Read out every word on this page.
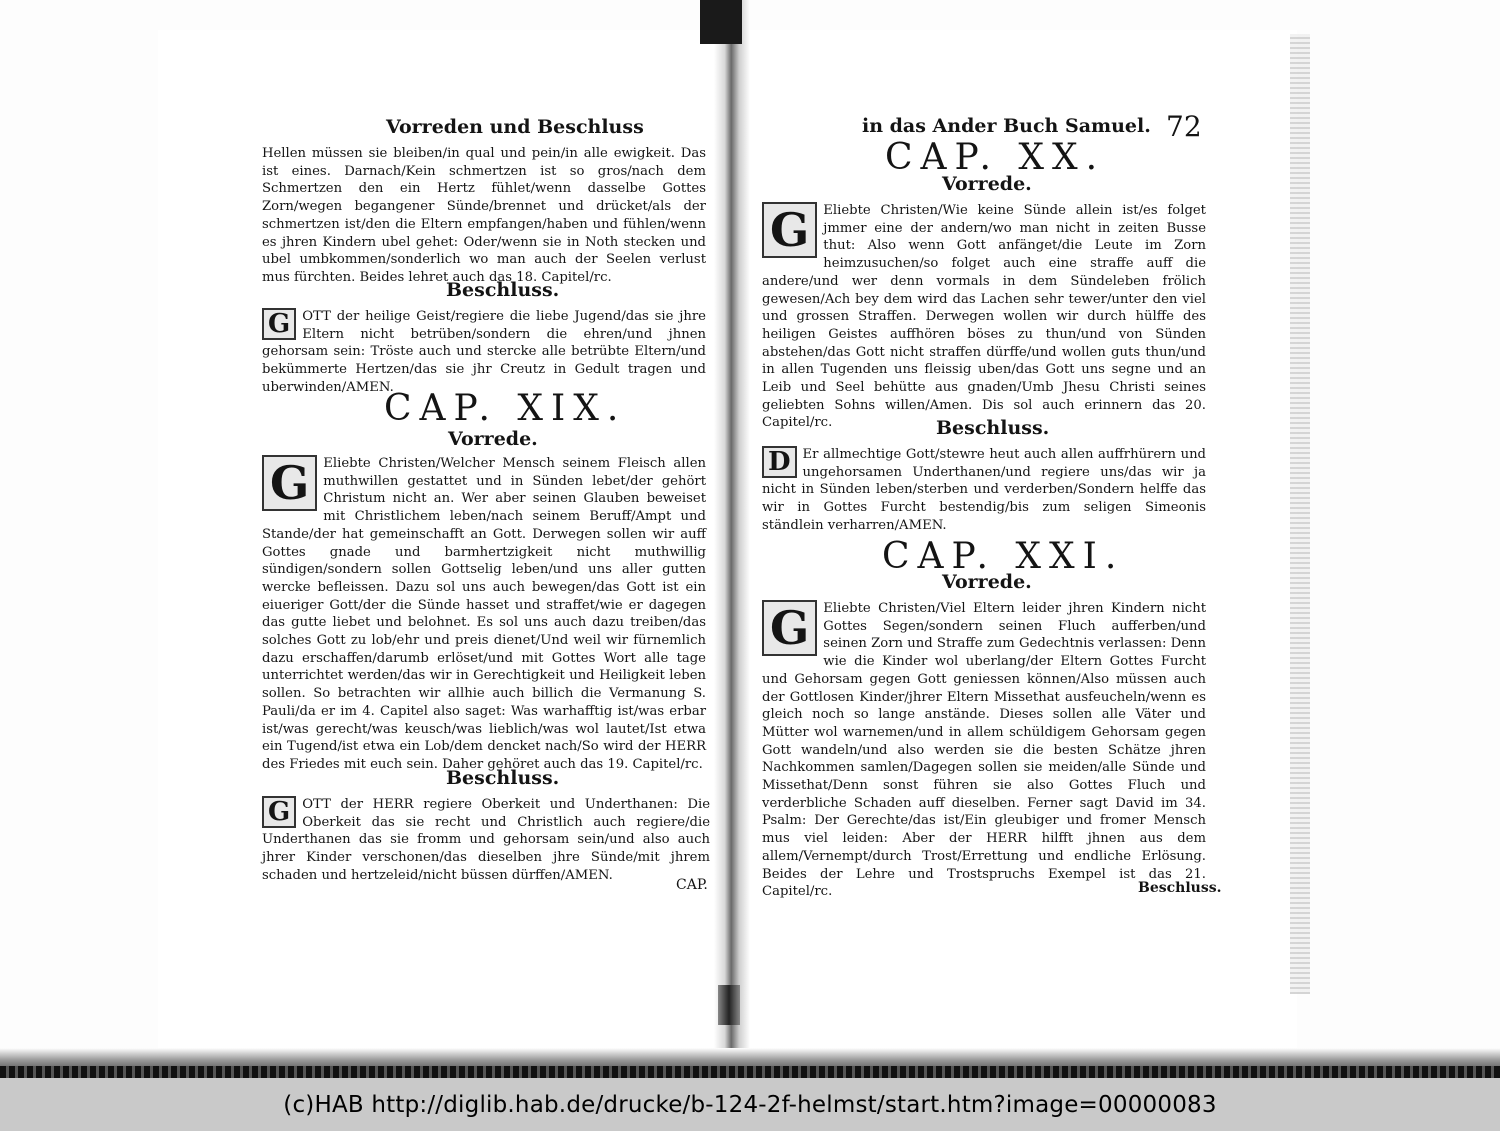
Vorreden und Beschluss
Hellen müssen sie bleiben/in qual und pein/in alle ewigkeit. Das ist eines. Darnach/Kein schmertzen ist so gros/nach dem Schmertzen den ein Hertz fühlet/wenn dasselbe Gottes Zorn/wegen begangener Sünde/brennet und drücket/als der schmertzen ist/den die Eltern empfangen/haben und fühlen/wenn es jhren Kindern ubel gehet: Oder/wenn sie in Noth stecken und ubel umbkommen/sonderlich wo man auch der Seelen verlust mus fürchten. Beides lehret auch das 18. Capitel/rc.
Beschluss.
G OTT der heilige Geist/regiere die liebe Jugend/das sie jhre Eltern nicht betrüben/sondern die ehren/und jhnen gehorsam sein: Tröste auch und stercke alle betrübte Eltern/und bekümmerte Hertzen/das sie jhr Creutz in Gedult tragen und uberwinden/AMEN.
CAP. XIX.
Vorrede.
G	Eliebte Christen/Welcher Mensch seinem Fleisch allen muthwillen gestattet und in Sünden lebet/der gehört Christum nicht an. Wer aber seinen Glauben beweiset mit Christlichem leben/nach seinem Beruff/Ampt und Stande/der hat gemeinschafft an Gott. Derwegen sollen wir auff Gottes gnade und barmhertzigkeit nicht muthwillig sündigen/sondern sollen Gottselig leben/und uns aller gutten wercke befleissen. Dazu sol uns auch bewegen/das Gott ist ein eiueriger Gott/der die Sünde hasset und straffet/wie er dagegen das gutte liebet und belohnet. Es sol uns auch dazu treiben/das solches Gott zu lob/ehr und preis dienet/Und weil wir fürnemlich dazu erschaffen/darumb erlöset/und mit Gottes Wort alle tage unterrichtet werden/das wir in Gerechtigkeit und Heiligkeit leben sollen. So betrachten wir allhie auch billich die Vermanung S. Pauli/da er im 4. Capitel also saget: Was warhafftig ist/was erbar ist/was gerecht/was keusch/was lieblich/was wol lautet/Ist etwa ein Tugend/ist etwa ein Lob/dem dencket nach/So wird der HERR des Friedes mit euch sein. Daher gehöret auch das 19. Capitel/rc.
Beschluss.
G OTT der HERR regiere Oberkeit und Underthanen: Die Oberkeit das sie recht und Christlich auch regiere/die Underthanen das sie fromm und gehorsam sein/und also auch jhrer Kinder verschonen/das dieselben jhre Sünde/mit jhrem schaden und hertzeleid/nicht büssen dürffen/AMEN.
CAP.
in das Ander Buch Samuel. 72
CAP. XX.
Vorrede.
G	Eliebte Christen/Wie keine Sünde allein ist/es folget jmmer eine der andern/wo man nicht in zeiten Busse thut: Also wenn Gott anfänget/die Leute im Zorn heimzusuchen/so folget auch eine straffe auff die andere/und wer denn vormals in dem Sündeleben frölich gewesen/Ach bey dem wird das Lachen sehr tewer/unter den viel und grossen Straffen. Derwegen wollen wir durch hülffe des heiligen Geistes auffhören böses zu thun/und von Sünden abstehen/das Gott nicht straffen dürffe/und wollen guts thun/und in allen Tugenden uns fleissig uben/das Gott uns segne und an Leib und Seel behütte aus gnaden/Umb Jhesu Christi seines geliebten Sohns willen/Amen. Dis sol auch erinnern das 20. Capitel/rc.	Beschluss.
D Er allmechtige Gott/stewre heut auch allen auffrhürern und ungehorsamen Underthanen/und regiere uns/das wir ja nicht in Sünden leben/sterben und verderben/Sondern helffe das wir in Gottes Furcht bestendig/bis zum seligen Simeonis ständlein verharren/AMEN.
CAP. XXI.
Vorrede.
G	Eliebte Christen/Viel Eltern leider jhren Kindern nicht Gottes Segen/sondern seinen Fluch aufferben/und seinen Zorn und Straffe zum Gedechtnis verlassen: Denn wie die Kinder wol uberlang/der Eltern Gottes Furcht und Gehorsam gegen Gott geniessen können/Also müssen auch der Gottlosen Kinder/jhrer Eltern Missethat ausfeucheln/wenn es gleich noch so lange anstände. Dieses sollen alle Väter und Mütter wol warnemen/und in allem schüldigem Gehorsam gegen Gott wandeln/und also werden sie die besten Schätze jhren Nachkommen samlen/Dagegen sollen sie meiden/alle Sünde und Missethat/Denn sonst führen sie also Gottes Fluch und verderbliche Schaden auff dieselben. Ferner sagt David im 34. Psalm: Der Gerechte/das ist/Ein gleubiger und fromer Mensch mus viel leiden: Aber der HERR hilfft jhnen aus dem allem/Vernempt/durch Trost/Errettung und endliche Erlösung. Beides der Lehre und Trostspruchs Exempel ist das 21. Capitel/rc.	Beschluss.
(c)HAB http://diglib.hab.de/drucke/b-124-2f-helmst/start.htm?image=00000083
